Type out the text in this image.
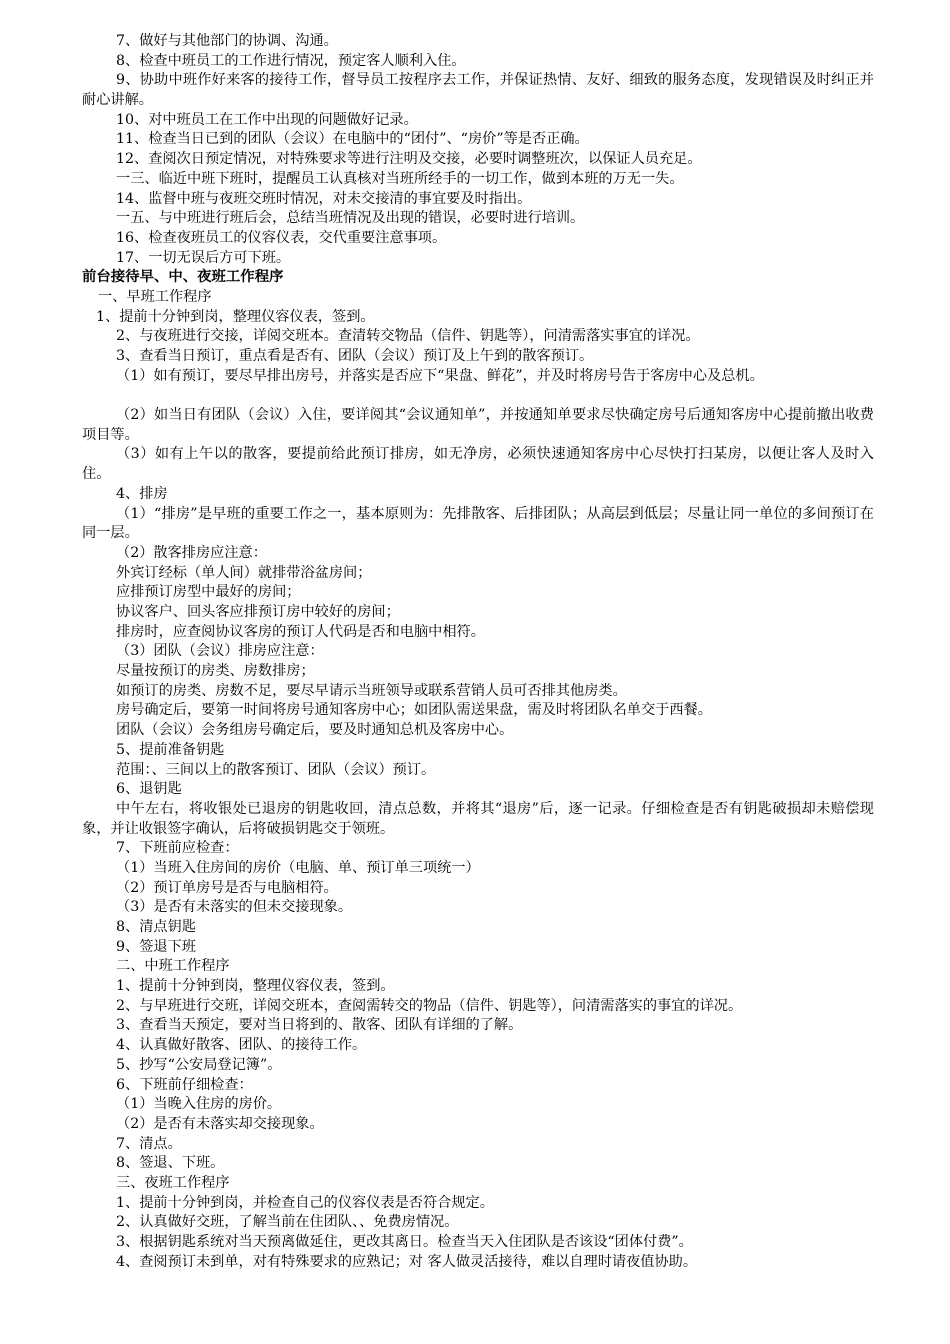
7、做好与其他部门的协调、沟通。
8、检查中班员工的工作进行情况，预定客人顺利入住。
9、协助中班作好来客的接待工作，督导员工按程序去工作，并保证热情、友好、细致的服务态度，发现错误及时纠正并耐心讲解。
10、对中班员工在工作中出现的问题做好记录。
11、检查当日已到的团队（会议）在电脑中的“团付”、“房价”等是否正确。
12、查阅次日预定情况，对特殊要求等进行注明及交接，必要时调整班次，以保证人员充足。
一三、临近中班下班时，提醒员工认真核对当班所经手的一切工作，做到本班的万无一失。
14、监督中班与夜班交班时情况，对未交接清的事宜要及时指出。
一五、与中班进行班后会，总结当班情况及出现的错误，必要时进行培训。
16、检查夜班员工的仪容仪表，交代重要注意事项。
17、一切无误后方可下班。
前台接待早、中、夜班工作程序
一、早班工作程序
1、提前十分钟到岗，整理仪容仪表，签到。
2、与夜班进行交接，详阅交班本。查清转交物品（信件、钥匙等），问清需落实事宜的详况。
3、查看当日预订，重点看是否有、团队（会议）预订及上午到的散客预订。
（1）如有预订，要尽早排出房号，并落实是否应下“果盘、鲜花”，并及时将房号告于客房中心及总机。
（2）如当日有团队（会议）入住，要详阅其“会议通知单”，并按通知单要求尽快确定房号后通知客房中心提前撤出收费项目等。
（3）如有上午以的散客，要提前给此预订排房，如无净房，必须快速通知客房中心尽快打扫某房，以便让客人及时入住。
4、排房
（1）“排房”是早班的重要工作之一，基本原则为：先排散客、后排团队；从高层到低层；尽量让同一单位的多间预订在同一层。
（2）散客排房应注意：
外宾订经标（单人间）就排带浴盆房间；
应排预订房型中最好的房间；
协议客户、回头客应排预订房中较好的房间；
排房时，应查阅协议客房的预订人代码是否和电脑中相符。
（3）团队（会议）排房应注意：
尽量按预订的房类、房数排房；
如预订的房类、房数不足，要尽早请示当班领导或联系营销人员可否排其他房类。
房号确定后，要第一时间将房号通知客房中心；如团队需送果盘，需及时将团队名单交于西餐。
团队（会议）会务组房号确定后，要及时通知总机及客房中心。
5、提前准备钥匙
范围：、三间以上的散客预订、团队（会议）预订。
6、退钥匙
中午左右，将收银处已退房的钥匙收回，清点总数，并将其“退房”后，逐一记录。仔细检查是否有钥匙破损却未赔偿现象，并让收银签字确认，后将破损钥匙交于领班。
7、下班前应检查：
（1）当班入住房间的房价（电脑、单、预订单三项统一）
（2）预订单房号是否与电脑相符。
（3）是否有未落实的但未交接现象。
8、清点钥匙
9、签退下班
二、中班工作程序
1、提前十分钟到岗，整理仪容仪表，签到。
2、与早班进行交班，详阅交班本，查阅需转交的物品（信件、钥匙等），问清需落实的事宜的详况。
3、查看当天预定，要对当日将到的、散客、团队有详细的了解。
4、认真做好散客、团队、的接待工作。
5、抄写“公安局登记簿”。
6、下班前仔细检查：
（1）当晚入住房的房价。
（2）是否有未落实却交接现象。
7、清点。
8、签退、下班。
三、夜班工作程序
1、提前十分钟到岗，并检查自己的仪容仪表是否符合规定。
2、认真做好交班，了解当前在住团队、、免费房情况。
3、根据钥匙系统对当天预离做延住，更改其离日。检查当天入住团队是否该设“团体付费”。
4、查阅预订未到单，对有特殊要求的应熟记；对 客人做灵活接待，难以自理时请夜值协助。
